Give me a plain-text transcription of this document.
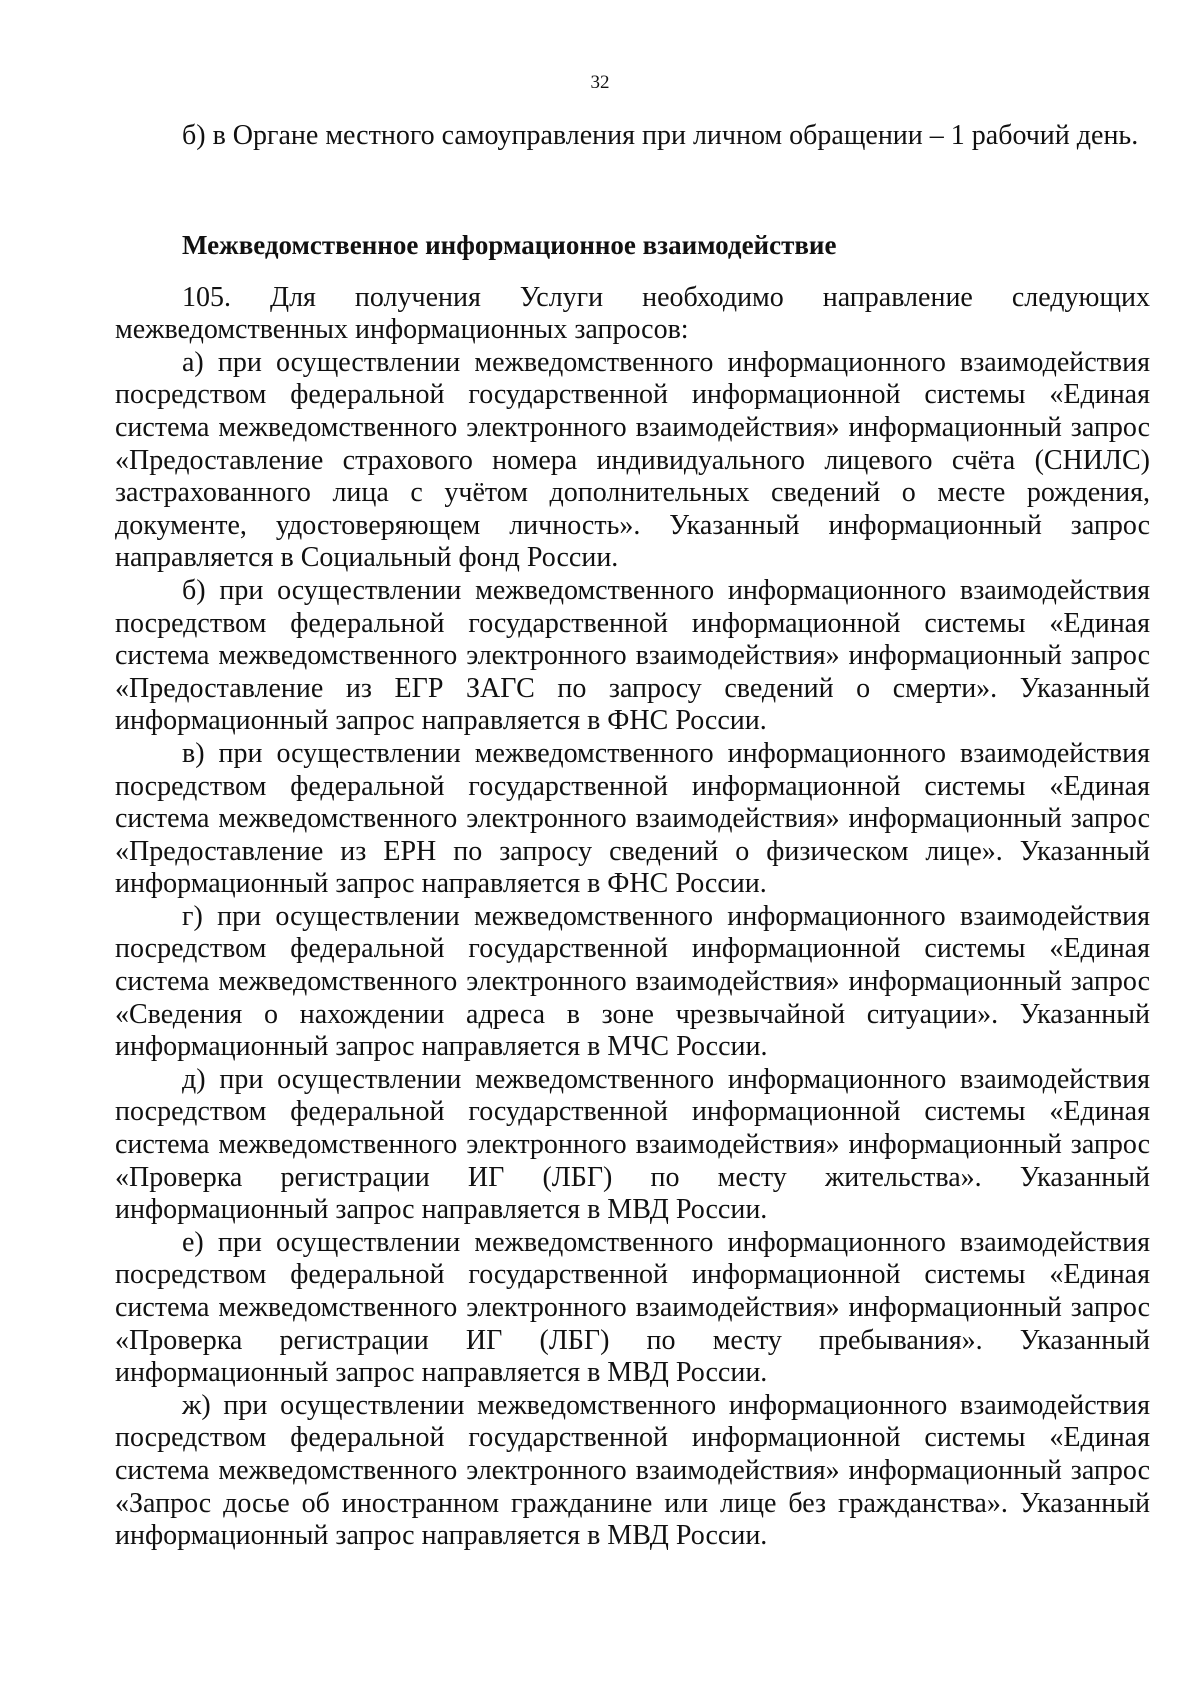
32

б) в Органе местного самоуправления при личном обращении – 1 рабочий день.

Межведомственное информационное взаимодействие

105. Для получения Услуги необходимо направление следующих межведомственных информационных запросов:

а) при осуществлении межведомственного информационного взаимодействия посредством федеральной государственной информационной системы «Единая система межведомственного электронного взаимодействия» информационный запрос «Предоставление страхового номера индивидуального лицевого счёта (СНИЛС) застрахованного лица с учётом дополнительных сведений о месте рождения, документе, удостоверяющем личность». Указанный информационный запрос направляется в Социальный фонд России.

б) при осуществлении межведомственного информационного взаимодействия посредством федеральной государственной информационной системы «Единая система межведомственного электронного взаимодействия» информационный запрос «Предоставление из ЕГР ЗАГС по запросу сведений о смерти». Указанный информационный запрос направляется в ФНС России.

в) при осуществлении межведомственного информационного взаимодействия посредством федеральной государственной информационной системы «Единая система межведомственного электронного взаимодействия» информационный запрос «Предоставление из ЕРН по запросу сведений о физическом лице». Указанный информационный запрос направляется в ФНС России.

г) при осуществлении межведомственного информационного взаимодействия посредством федеральной государственной информационной системы «Единая система межведомственного электронного взаимодействия» информационный запрос «Сведения о нахождении адреса в зоне чрезвычайной ситуации». Указанный информационный запрос направляется в МЧС России.

д) при осуществлении межведомственного информационного взаимодействия посредством федеральной государственной информационной системы «Единая система межведомственного электронного взаимодействия» информационный запрос «Проверка регистрации ИГ (ЛБГ) по месту жительства». Указанный информационный запрос направляется в МВД России.

е) при осуществлении межведомственного информационного взаимодействия посредством федеральной государственной информационной системы «Единая система межведомственного электронного взаимодействия» информационный запрос «Проверка регистрации ИГ (ЛБГ) по месту пребывания». Указанный информационный запрос направляется в МВД России.

ж) при осуществлении межведомственного информационного взаимодействия посредством федеральной государственной информационной системы «Единая система межведомственного электронного взаимодействия» информационный запрос «Запрос досье об иностранном гражданине или лице без гражданства». Указанный информационный запрос направляется в МВД России.
